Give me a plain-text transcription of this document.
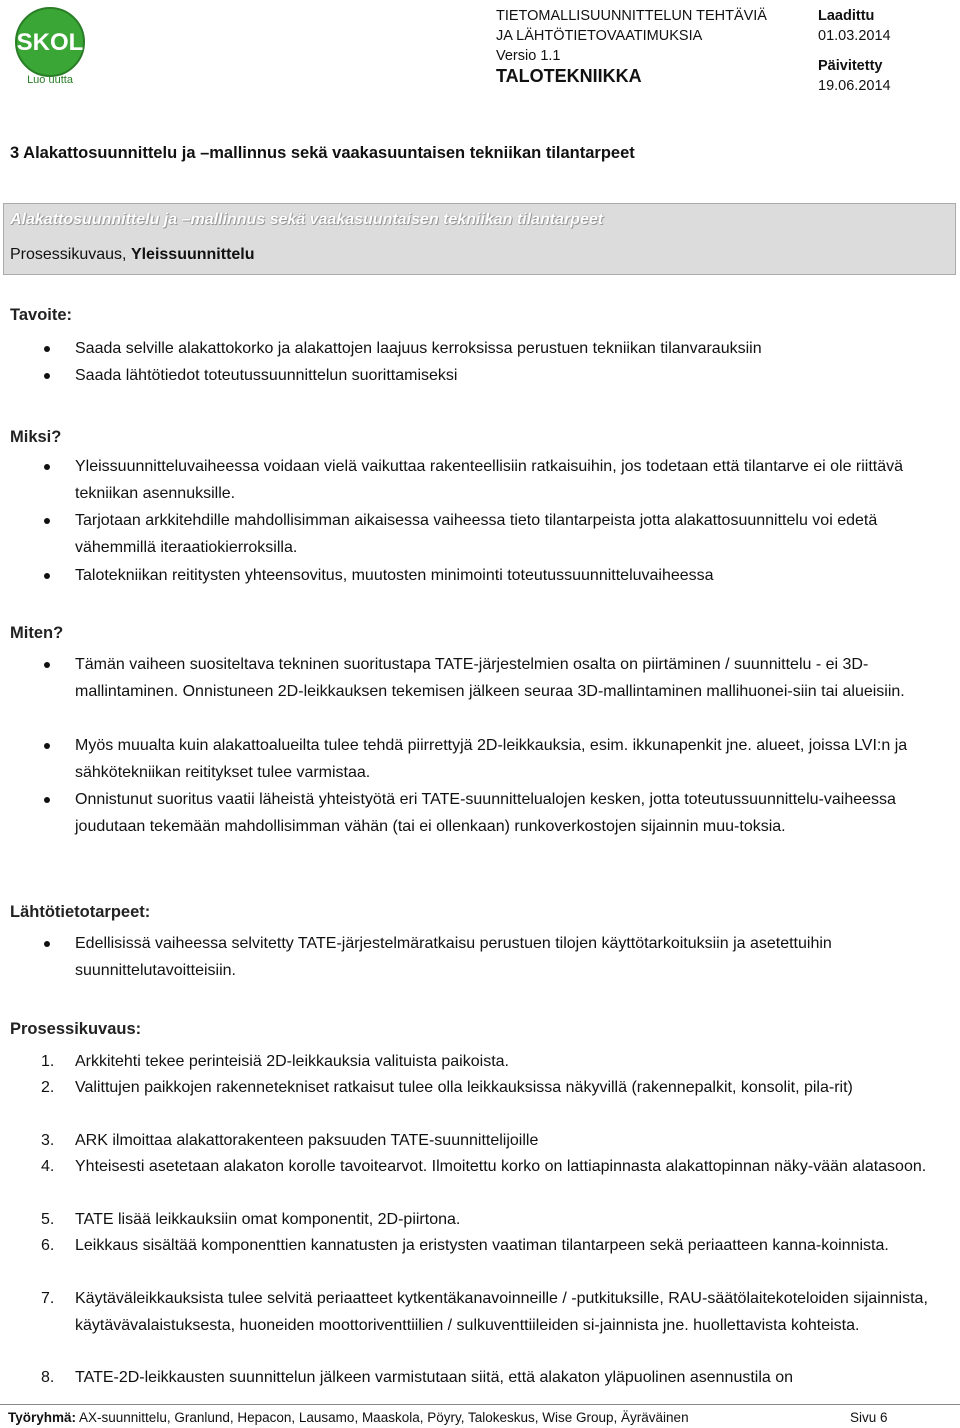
SKOL
Luo uutta
TIETOMALLISUUNNITTELUN TEHTÄVIÄ
JA LÄHTÖTIETOVAATIMUKSIA
Versio 1.1
TALOTEKNIIKKA
Laadittu
01.03.2014
Päivitetty
19.06.2014
3 Alakattosuunnittelu ja –mallinnus sekä vaakasuuntaisen tekniikan tilantarpeet
Alakattosuunnittelu ja –mallinnus sekä vaakasuuntaisen tekniikan tilantarpeet
Prosessikuvaus, Yleissuunnittelu
Tavoite:
Saada selville alakattokorko ja alakattojen laajuus kerroksissa perustuen tekniikan tilanvarauksiin
Saada lähtötiedot toteutussuunnittelun suorittamiseksi
Miksi?
Yleissuunnitteluvaiheessa voidaan vielä vaikuttaa rakenteellisiin ratkaisuihin, jos todetaan että tilantarve ei ole riittävä tekniikan asennuksille.
Tarjotaan arkkitehdille mahdollisimman aikaisessa vaiheessa tieto tilantarpeista jotta alakattosuunnittelu voi edetä vähemmillä iteraatiokierroksilla.
Talotekniikan reititysten yhteensovitus, muutosten minimointi toteutussuunnitteluvaiheessa
Miten?
Tämän vaiheen suositeltava tekninen suoritustapa TATE-järjestelmien osalta on piirtäminen / suunnittelu - ei 3D-mallintaminen. Onnistuneen 2D-leikkauksen tekemisen jälkeen seuraa 3D-mallintaminen mallihuonei-siin tai alueisiin.
Myös muualta kuin alakattoalueilta tulee tehdä piirrettyjä 2D-leikkauksia, esim. ikkunapenkit jne. alueet, joissa LVI:n ja sähkötekniikan reititykset tulee varmistaa.
Onnistunut suoritus vaatii läheistä yhteistyötä eri TATE-suunnittelualojen kesken, jotta toteutussuunnittelu-vaiheessa joudutaan tekemään mahdollisimman vähän (tai ei ollenkaan) runkoverkostojen sijainnin muu-toksia.
Lähtötietotarpeet:
Edellisissä vaiheessa selvitetty TATE-järjestelmäratkaisu perustuen tilojen käyttötarkoituksiin ja asetettuihin suunnittelutavoitteisiin.
Prosessikuvaus:
1. Arkkitehti tekee perinteisiä 2D-leikkauksia valituista paikoista.
2. Valittujen paikkojen rakennetekniset ratkaisut tulee olla leikkauksissa näkyvillä (rakennepalkit, konsolit, pila-rit)
3. ARK ilmoittaa alakattorakenteen paksuuden TATE-suunnittelijoille
4. Yhteisesti asetetaan alakaton korolle tavoitearvot. Ilmoitettu korko on lattiapinnasta alakattopinnan näky-vään alatasoon.
5. TATE lisää leikkauksiin omat komponentit, 2D-piirtona.
6. Leikkaus sisältää komponenttien kannatusten ja eristysten vaatiman tilantarpeen sekä periaatteen kanna-koinnista.
7. Käytäväleikkauksista tulee selvitä periaatteet kytkentäkanavoinneille / -putkituksille, RAU-säätölaitekoteloiden sijainnista, käytävävalaistuksesta, huoneiden moottoriventtiilien / sulkuventtiileiden si-jainnista jne. huollettavista kohteista.
8. TATE-2D-leikkausten suunnittelun jälkeen varmistutaan siitä, että alakaton yläpuolinen asennustila on
Työryhmä: AX-suunnittelu, Granlund, Hepacon, Lausamo, Maaskola, Pöyry, Talokeskus, Wise Group, Äyräväinen	Sivu 6
